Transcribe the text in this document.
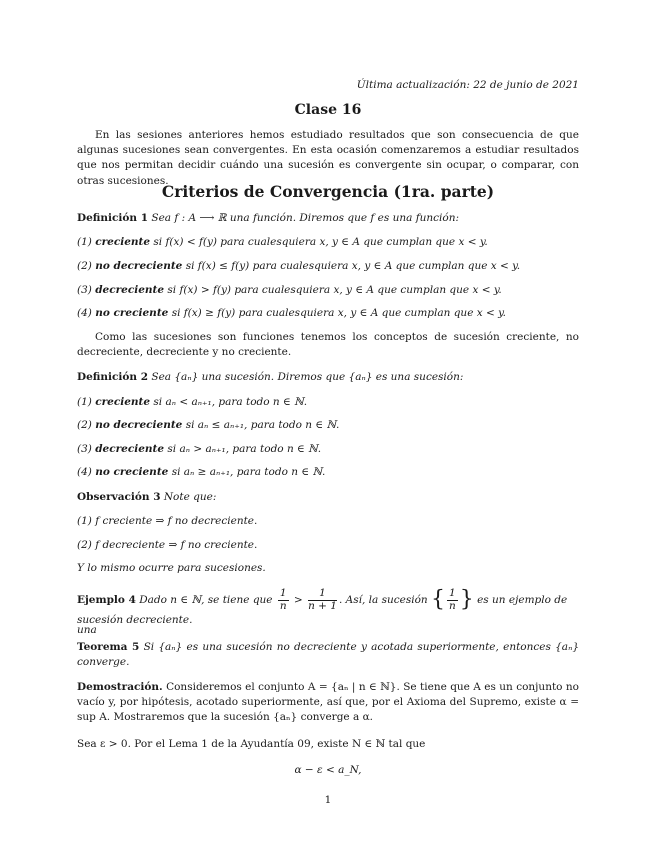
Última actualización: 22 de junio de 2021
Clase 16
En las sesiones anteriores hemos estudiado resultados que son consecuencia de que algunas sucesiones sean convergentes. En esta ocasión comenzaremos a estudiar resultados que nos permitan decidir cuándo una sucesión es convergente sin ocupar, o comparar, con otras sucesiones.
Criterios de Convergencia (1ra. parte)
Definición 1 Sea f : A ⟶ ℝ una función. Diremos que f es una función:
(1) creciente si f(x) < f(y) para cualesquiera x, y ∈ A que cumplan que x < y.
(2) no decreciente si f(x) ≤ f(y) para cualesquiera x, y ∈ A que cumplan que x < y.
(3) decreciente si f(x) > f(y) para cualesquiera x, y ∈ A que cumplan que x < y.
(4) no creciente si f(x) ≥ f(y) para cualesquiera x, y ∈ A que cumplan que x < y.
Como las sucesiones son funciones tenemos los conceptos de sucesión creciente, no decreciente, decreciente y no creciente.
Definición 2 Sea {aₙ} una sucesión. Diremos que {aₙ} es una sucesión:
(1) creciente si aₙ < aₙ₊₁, para todo n ∈ ℕ.
(2) no decreciente si aₙ ≤ aₙ₊₁, para todo n ∈ ℕ.
(3) decreciente si aₙ > aₙ₊₁, para todo n ∈ ℕ.
(4) no creciente si aₙ ≥ aₙ₊₁, para todo n ∈ ℕ.
Observación 3 Note que:
(1) f creciente ⇒ f no decreciente.
(2) f decreciente ⇒ f no creciente.
Y lo mismo ocurre para sucesiones.
Ejemplo 4 Dado n ∈ ℕ, se tiene que $\frac{1}{n} > \frac{1}{n + 1}$ . Así, la sucesión { $\frac{1}{n}$ } es un ejemplo de una
sucesión decreciente.
Teorema 5 Si {aₙ} es una sucesión no decreciente y acotada superiormente, entonces {aₙ} converge.
Demostración. Consideremos el conjunto A = {aₙ | n ∈ ℕ}. Se tiene que A es un conjunto no vacío y, por hipótesis, acotado superiormente, así que, por el Axioma del Supremo, existe α = sup A. Mostraremos que la sucesión {aₙ} converge a α.
Sea ε > 0. Por el Lema 1 de la Ayudantía 09, existe N ∈ ℕ tal que
α − ε < a_N,
1
